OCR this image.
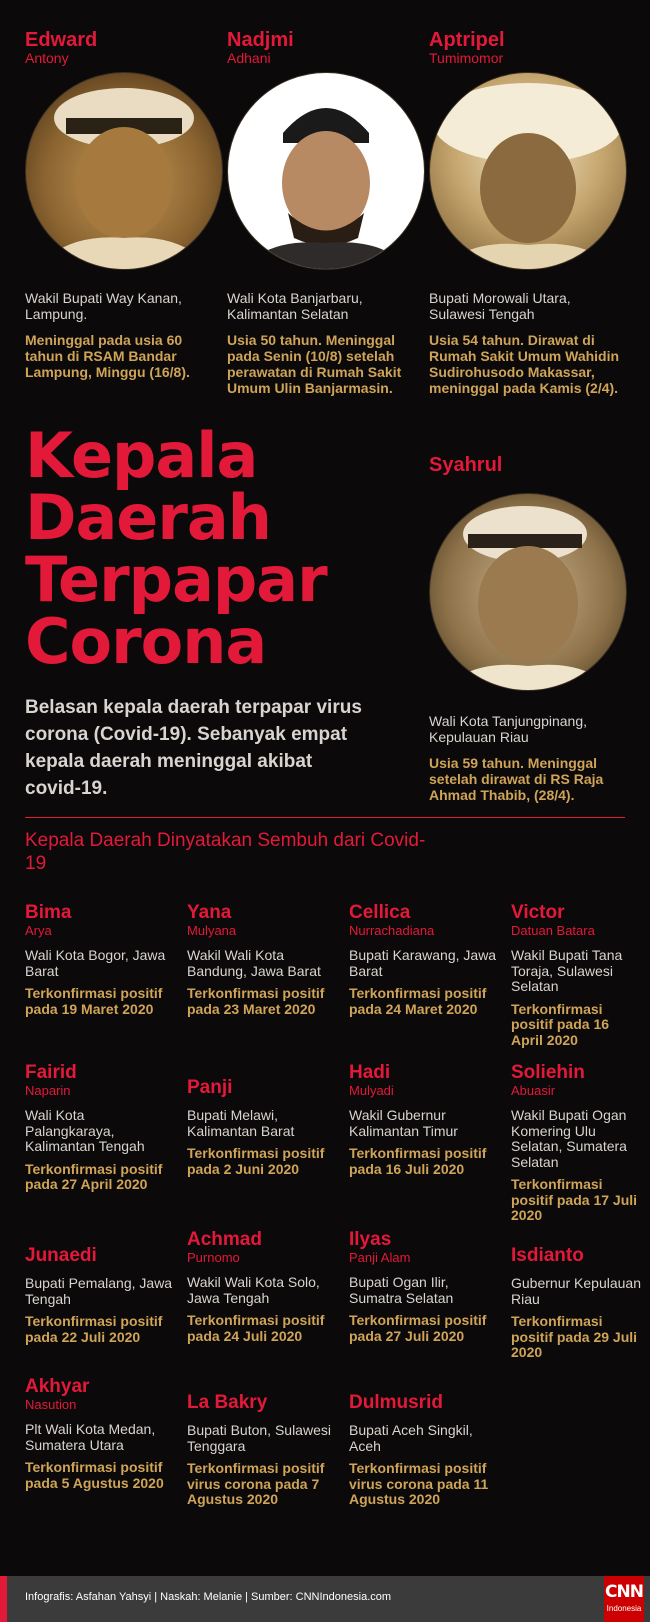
Edward
Antony
Wakil Bupati Way Kanan, Lampung.
Meninggal pada usia 60 tahun di RSAM Bandar Lampung, Minggu (16/8).
Nadjmi
Adhani
Wali Kota Banjarbaru, Kalimantan Selatan
Usia 50 tahun. Meninggal pada Senin (10/8) setelah perawatan di Rumah Sakit Umum Ulin Banjarmasin.
Aptripel
Tumimomor
Bupati Morowali Utara, Sulawesi Tengah
Usia 54 tahun. Dirawat di Rumah Sakit Umum Wahidin Sudirohusodo Makassar, meninggal pada Kamis (2/4).
Kepala
Daerah
Terpapar
Corona
Belasan kepala daerah terpapar virus corona (Covid-19). Sebanyak empat kepala daerah meninggal akibat covid-19.
Syahrul
Wali Kota Tanjungpinang, Kepulauan Riau
Usia 59 tahun. Meninggal setelah dirawat di RS Raja Ahmad Thabib, (28/4).
Kepala Daerah Dinyatakan Sembuh dari Covid-19
Bima
Arya
Wali Kota Bogor, Jawa Barat
Terkonfirmasi positif pada 19 Maret 2020
Yana
Mulyana
Wakil Wali Kota Bandung, Jawa Barat
Terkonfirmasi positif pada 23 Maret 2020
Cellica
Nurrachadiana
Bupati Karawang, Jawa Barat
Terkonfirmasi positif pada 24 Maret 2020
Victor
Datuan Batara
Wakil Bupati Tana Toraja, Sulawesi Selatan
Terkonfirmasi positif pada 16 April 2020
Fairid
Naparin
Wali Kota Palangkaraya, Kalimantan Tengah
Terkonfirmasi positif pada 27 April 2020
Panji
Bupati Melawi, Kalimantan Barat
Terkonfirmasi positif pada 2 Juni 2020
Hadi
Mulyadi
Wakil Gubernur Kalimantan Timur
Terkonfirmasi positif pada 16 Juli 2020
Soliehin
Abuasir
Wakil Bupati Ogan Komering Ulu Selatan, Sumatera Selatan
Terkonfirmasi positif pada 17 Juli 2020
Junaedi
Bupati Pemalang, Jawa Tengah
Terkonfirmasi positif pada 22 Juli 2020
Achmad
Purnomo
Wakil Wali Kota Solo, Jawa Tengah
Terkonfirmasi positif pada 24 Juli 2020
Ilyas
Panji Alam
Bupati Ogan Ilir, Sumatra Selatan
Terkonfirmasi positif pada 27 Juli 2020
Isdianto
Gubernur Kepulauan Riau
Terkonfirmasi positif pada 29 Juli 2020
Akhyar
Nasution
Plt Wali Kota Medan, Sumatera Utara
Terkonfirmasi positif pada 5 Agustus 2020
La Bakry
Bupati Buton, Sulawesi Tenggara
Terkonfirmasi positif virus corona pada 7 Agustus 2020
Dulmusrid
Bupati Aceh Singkil, Aceh
Terkonfirmasi positif virus corona pada 11 Agustus 2020
Infografis: Asfahan Yahsyi | Naskah: Melanie | Sumber: CNNIndonesia.com	CNN
Indonesia
